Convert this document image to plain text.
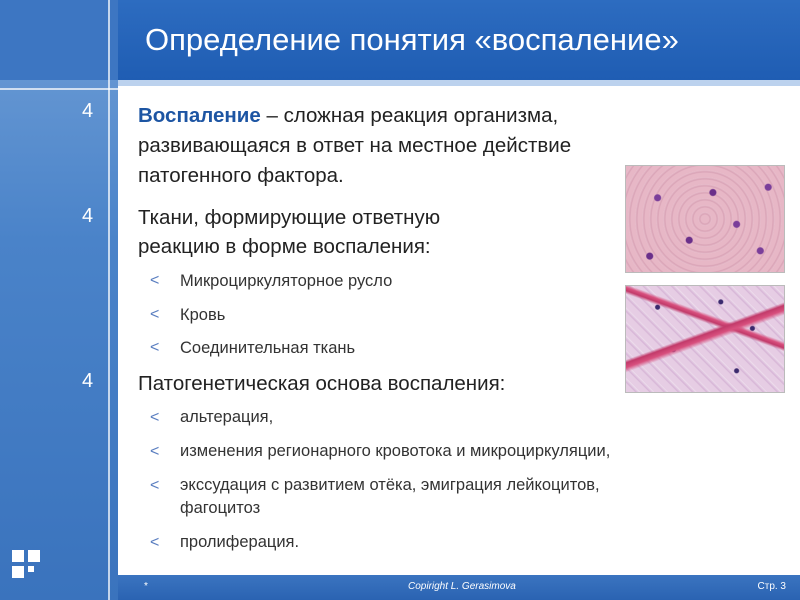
4
4
4
Определение понятия «воспаление»
Воспаление – сложная реакция организма,
развивающаяся в ответ на местное действие
патогенного фактора.
Ткани, формирующие ответную
реакцию в форме воспаления:
< Микроциркуляторное русло
< Кровь
< Соединительная ткань
Патогенетическая основа воспаления:
< альтерация,
< изменения регионарного кровотока и микроциркуляции,
< экссудация с развитием отёка, эмиграция лейкоцитов,
фагоцитоз
< пролиферация.
*	Copiright L. Gerasimova	Стр. 3
